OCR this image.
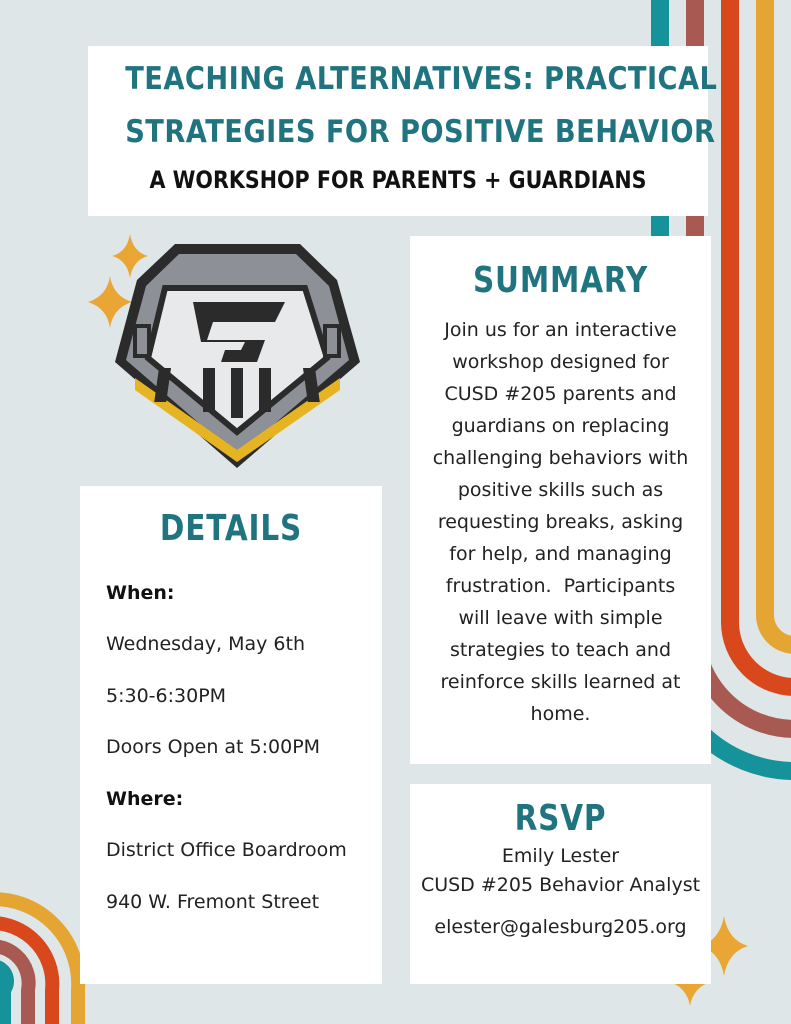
TEACHING ALTERNATIVES: PRACTICAL
STRATEGIES FOR POSITIVE BEHAVIOR
A WORKSHOP FOR PARENTS + GUARDIANS
SUMMARY
Join us for an interactive
workshop designed for
CUSD #205 parents and
guardians on replacing
challenging behaviors with
positive skills such as
requesting breaks, asking
for help, and managing
frustration.  Participants
will leave with simple
strategies to teach and
reinforce skills learned at
home.
DETAILS
When:
Wednesday, May 6th
5:30-6:30PM
Doors Open at 5:00PM
Where:
District Office Boardroom
940 W. Fremont Street
RSVP
Emily Lester
CUSD #205 Behavior Analyst
elester@galesburg205.org
